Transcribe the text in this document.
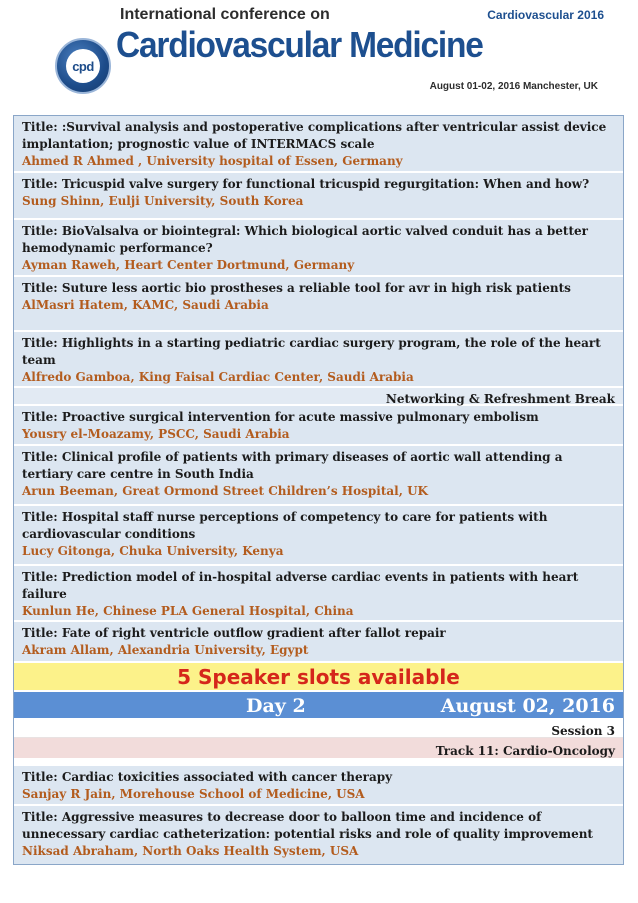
cpd
International conference on
Cardiovascular Medicine
Cardiovascular 2016
August 01-02, 2016 Manchester, UK
Title: :Survival analysis and postoperative complications after ventricular assist device implantation; prognostic value of INTERMACS scale
Ahmed R Ahmed , University hospital of Essen, Germany
Title: Tricuspid valve surgery for functional tricuspid regurgitation: When and how?
Sung Shinn, Eulji University, South Korea
Title: BioValsalva or biointegral: Which biological aortic valved conduit has a better hemodynamic performance?
Ayman Raweh, Heart Center Dortmund, Germany
Title: Suture less aortic bio prostheses a reliable tool for avr in high risk patients
AlMasri Hatem, KAMC, Saudi Arabia
Title: Highlights in a starting pediatric cardiac surgery program, the role of the heart team
Alfredo Gamboa, King Faisal Cardiac Center, Saudi Arabia
Networking & Refreshment Break
Title: Proactive surgical intervention for acute massive pulmonary embolism
Yousry el-Moazamy, PSCC, Saudi Arabia
Title: Clinical profile of patients with primary diseases of aortic wall attending a tertiary care centre in South India
Arun Beeman, Great Ormond Street Children’s Hospital, UK
Title: Hospital staff nurse perceptions of competency to care for patients with cardiovascular conditions
Lucy Gitonga, Chuka University, Kenya
Title: Prediction model of in-hospital adverse cardiac events in patients with heart failure
Kunlun He, Chinese PLA General Hospital, China
Title: Fate of right ventricle outflow gradient after fallot repair
Akram Allam, Alexandria University, Egypt
5 Speaker slots available
Day 2	August 02, 2016
Session 3
Track 11: Cardio-Oncology
Title: Cardiac toxicities associated with cancer therapy
Sanjay R Jain, Morehouse School of Medicine, USA
Title: Aggressive measures to decrease door to balloon time and incidence of unnecessary cardiac catheterization: potential risks and role of quality improvement
Niksad Abraham, North Oaks Health System, USA
